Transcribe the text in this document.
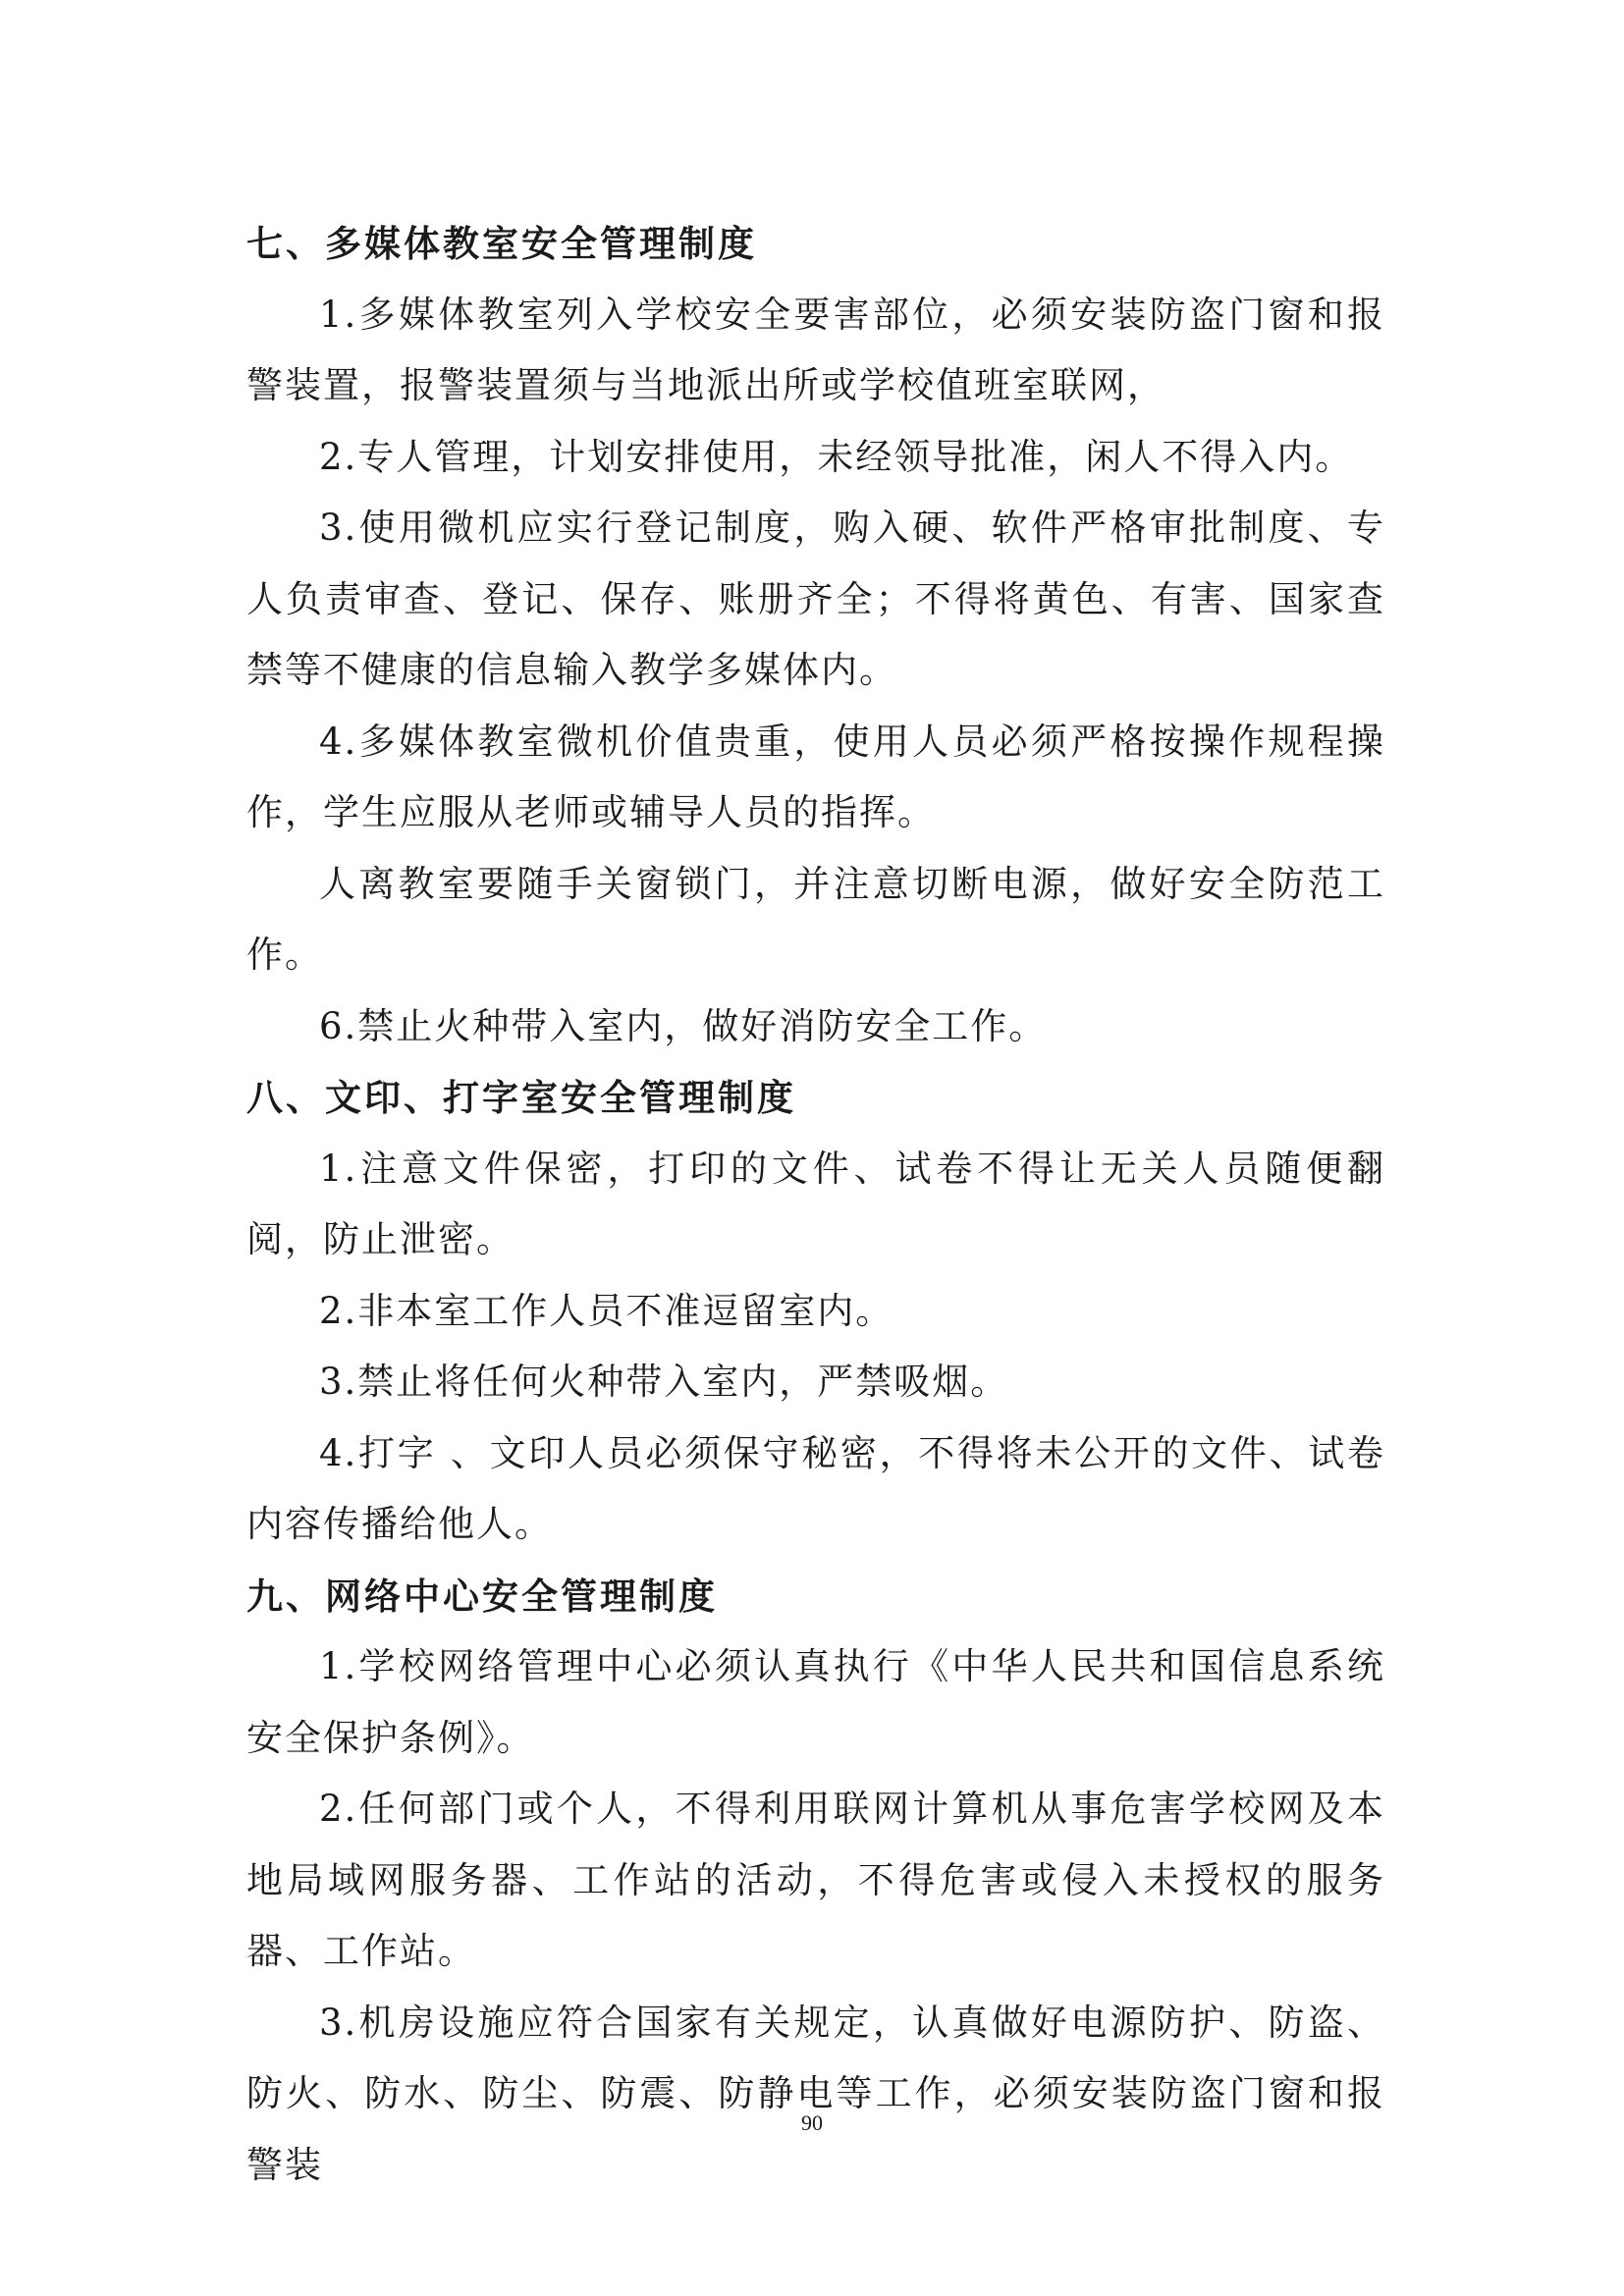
七、多媒体教室安全管理制度

1.多媒体教室列入学校安全要害部位，必须安装防盗门窗和报警装置，报警装置须与当地派出所或学校值班室联网，

2.专人管理，计划安排使用，未经领导批准，闲人不得入内。

3.使用微机应实行登记制度，购入硬、软件严格审批制度、专人负责审查、登记、保存、账册齐全；不得将黄色、有害、国家查禁等不健康的信息输入教学多媒体内。

4.多媒体教室微机价值贵重，使用人员必须严格按操作规程操作，学生应服从老师或辅导人员的指挥。

人离教室要随手关窗锁门，并注意切断电源，做好安全防范工作。

6.禁止火种带入室内，做好消防安全工作。

八、文印、打字室安全管理制度

1.注意文件保密，打印的文件、试卷不得让无关人员随便翻阅，防止泄密。

2.非本室工作人员不准逗留室内。

3.禁止将任何火种带入室内，严禁吸烟。

4.打字 、文印人员必须保守秘密，不得将未公开的文件、试卷内容传播给他人。

九、网络中心安全管理制度

1.学校网络管理中心必须认真执行《中华人民共和国信息系统安全保护条例》。

2.任何部门或个人，不得利用联网计算机从事危害学校网及本地局域网服务器、工作站的活动，不得危害或侵入未授权的服务器、工作站。

3.机房设施应符合国家有关规定，认真做好电源防护、防盗、防火、防水、防尘、防震、防静电等工作，必须安装防盗门窗和报警装

90
